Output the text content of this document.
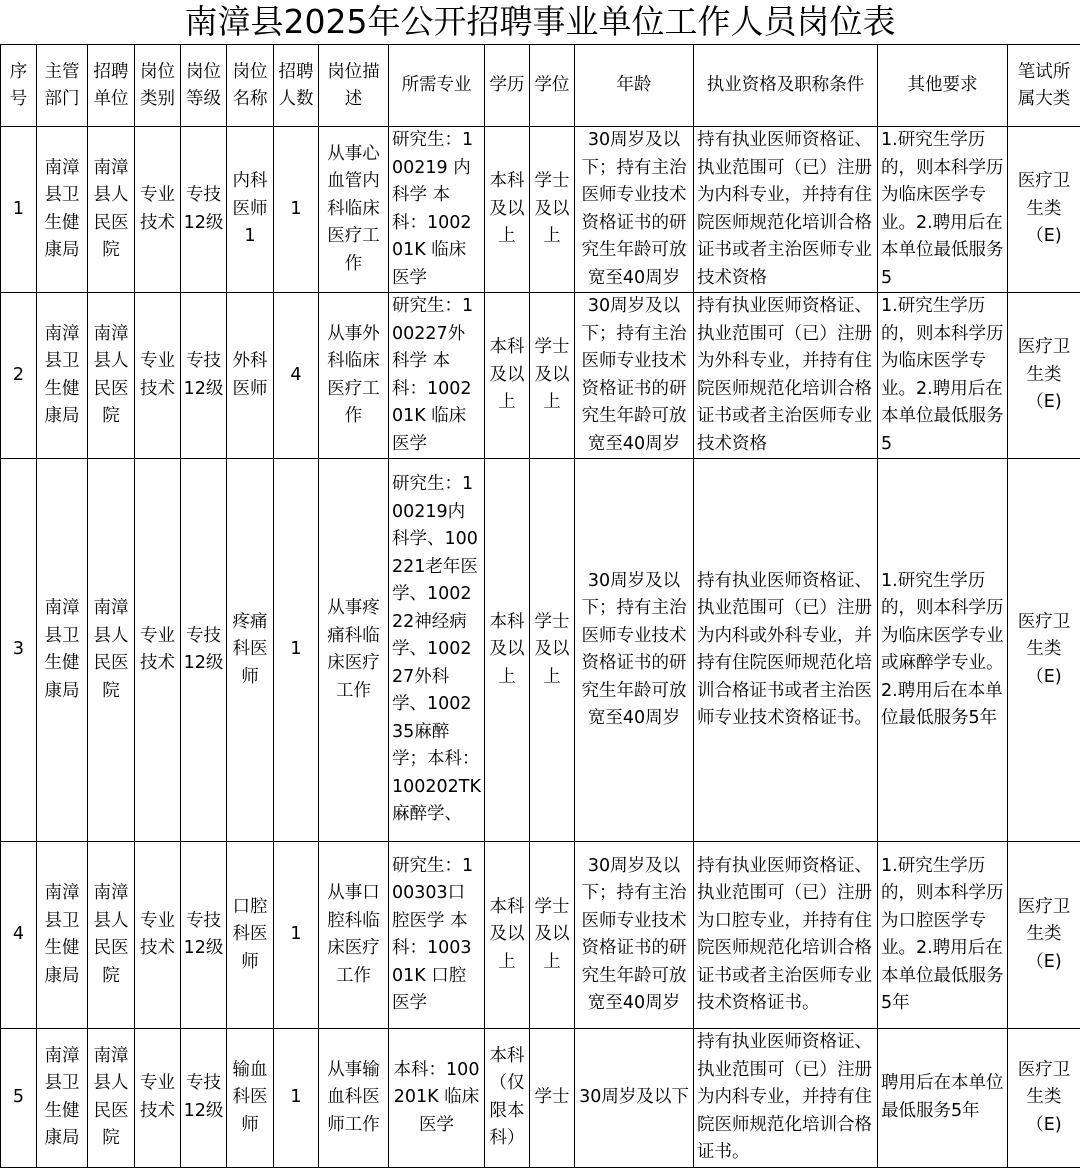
南漳县2025年公开招聘事业单位工作人员岗位表
序号	主管部门	招聘单位	岗位类别	岗位等级	岗位名称	招聘人数	岗位描述	所需专业	学历	学位	年龄	执业资格及职称条件	其他要求	笔试所属大类
1	南漳县卫生健康局	南漳县人民医院	专业技术	专技12级	内科医师1	1	从事心血管内科临床医疗工作	研究生：100219 内科学 本科：100201K 临床医学	本科及以上	学士及以上	30周岁及以下；持有主治医师专业技术资格证书的研究生年龄可放宽至40周岁	持有执业医师资格证、执业范围可（已）注册为内科专业，并持有住院医师规范化培训合格证书或者主治医师专业技术资格	1.研究生学历的，则本科学历为临床医学专业。2.聘用后在本单位最低服务5	医疗卫生类（E)
2	南漳县卫生健康局	南漳县人民医院	专业技术	专技12级	外科医师	4	从事外科临床医疗工作	研究生：100227外科学 本科：100201K 临床医学	本科及以上	学士及以上	30周岁及以下；持有主治医师专业技术资格证书的研究生年龄可放宽至40周岁	持有执业医师资格证、执业范围可（已）注册为外科专业，并持有住院医师规范化培训合格证书或者主治医师专业技术资格	1.研究生学历的，则本科学历为临床医学专业。2.聘用后在本单位最低服务5	医疗卫生类（E)
3	南漳县卫生健康局	南漳县人民医院	专业技术	专技12级	疼痛科医师	1	从事疼痛科临床医疗工作	研究生：100219内科学、100221老年医学、100222神经病学、100227外科学、100235麻醉学；本科：100202TK麻醉学、	本科及以上	学士及以上	30周岁及以下；持有主治医师专业技术资格证书的研究生年龄可放宽至40周岁	持有执业医师资格证、执业范围可（已）注册为内科或外科专业，并持有住院医师规范化培训合格证书或者主治医师专业技术资格证书。	1.研究生学历的，则本科学历为临床医学专业或麻醉学专业。2.聘用后在本单位最低服务5年	医疗卫生类（E)
4	南漳县卫生健康局	南漳县人民医院	专业技术	专技12级	口腔科医师	1	从事口腔科临床医疗工作	研究生：100303口腔医学 本科：100301K 口腔医学	本科及以上	学士及以上	30周岁及以下；持有主治医师专业技术资格证书的研究生年龄可放宽至40周岁	持有执业医师资格证、执业范围可（已）注册为口腔专业，并持有住院医师规范化培训合格证书或者主治医师专业技术资格证书。	1.研究生学历的，则本科学历为口腔医学专业。2.聘用后在本单位最低服务5年	医疗卫生类（E)
5	南漳县卫生健康局	南漳县人民医院	专业技术	专技12级	输血科医师	1	从事输血科医师工作	本科：100201K 临床医学	本科（仅限本科）	学士	30周岁及以下	持有执业医师资格证、执业范围可（已）注册为内科专业，并持有住院医师规范化培训合格证书。	聘用后在本单位最低服务5年	医疗卫生类（E)
